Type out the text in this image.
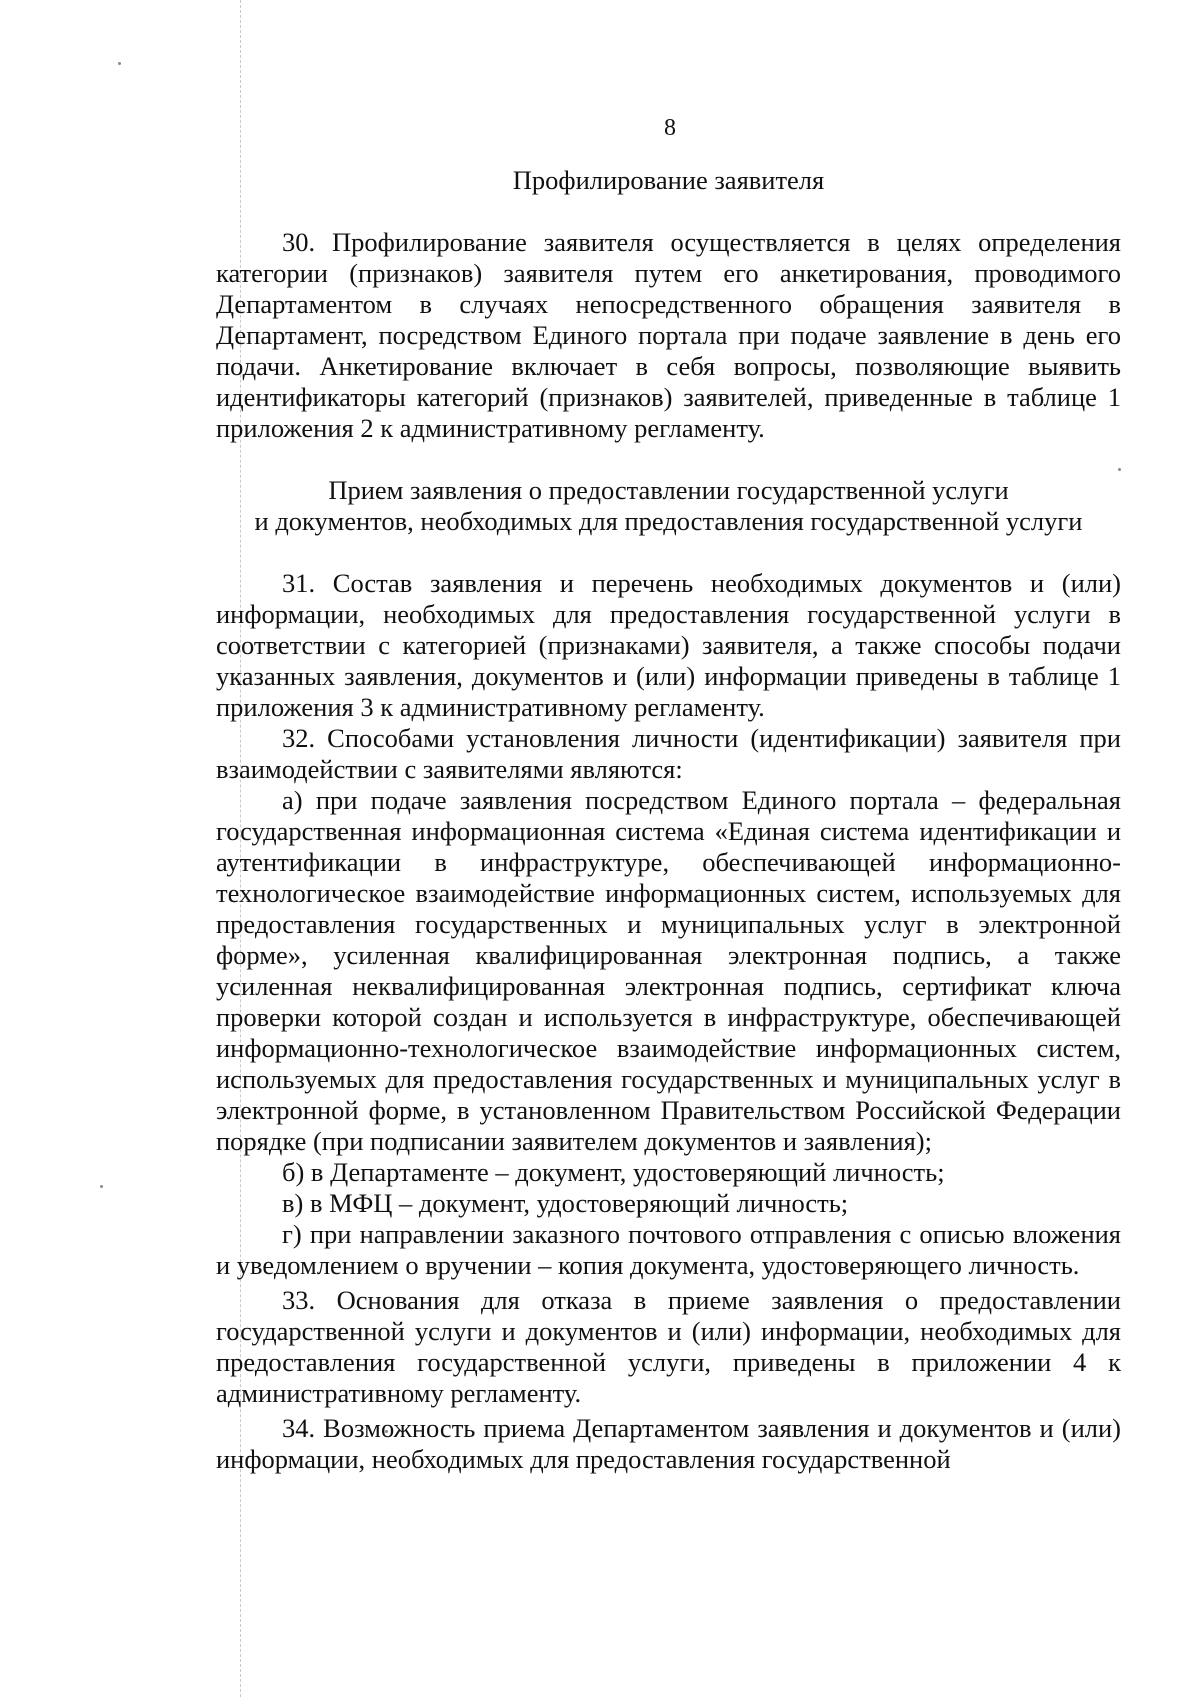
8

Профилирование заявителя

30. Профилирование заявителя осуществляется в целях определения категории (признаков) заявителя путем его анкетирования, проводимого Департаментом в случаях непосредственного обращения заявителя в Департамент, посредством Единого портала при подаче заявление в день его подачи. Анкетирование включает в себя вопросы, позволяющие выявить идентификаторы категорий (признаков) заявителей, приведенные в таблице 1 приложения 2 к административному регламенту.

Прием заявления о предоставлении государственной услуги
и документов, необходимых для предоставления государственной услуги

31. Состав заявления и перечень необходимых документов и (или) информации, необходимых для предоставления государственной услуги в соответствии с категорией (признаками) заявителя, а также способы подачи указанных заявления, документов и (или) информации приведены в таблице 1 приложения 3 к административному регламенту.

32. Способами установления личности (идентификации) заявителя при взаимодействии с заявителями являются:

а) при подаче заявления посредством Единого портала – федеральная государственная информационная система «Единая система идентификации и аутентификации в инфраструктуре, обеспечивающей информационно-технологическое взаимодействие информационных систем, используемых для предоставления государственных и муниципальных услуг в электронной форме», усиленная квалифицированная электронная подпись, а также усиленная неквалифицированная электронная подпись, сертификат ключа проверки которой создан и используется в инфраструктуре, обеспечивающей информационно-технологическое взаимодействие информационных систем, используемых для предоставления государственных и муниципальных услуг в электронной форме, в установленном Правительством Российской Федерации порядке (при подписании заявителем документов и заявления);

б) в Департаменте – документ, удостоверяющий личность;

в) в МФЦ – документ, удостоверяющий личность;

г) при направлении заказного почтового отправления с описью вложения и уведомлением о вручении – копия документа, удостоверяющего личность.

33. Основания для отказа в приеме заявления о предоставлении государственной услуги и документов и (или) информации, необходимых для предоставления государственной услуги, приведены в приложении 4 к административному регламенту.

34. Возможность приема Департаментом заявления и документов и (или) информации, необходимых для предоставления государственной
